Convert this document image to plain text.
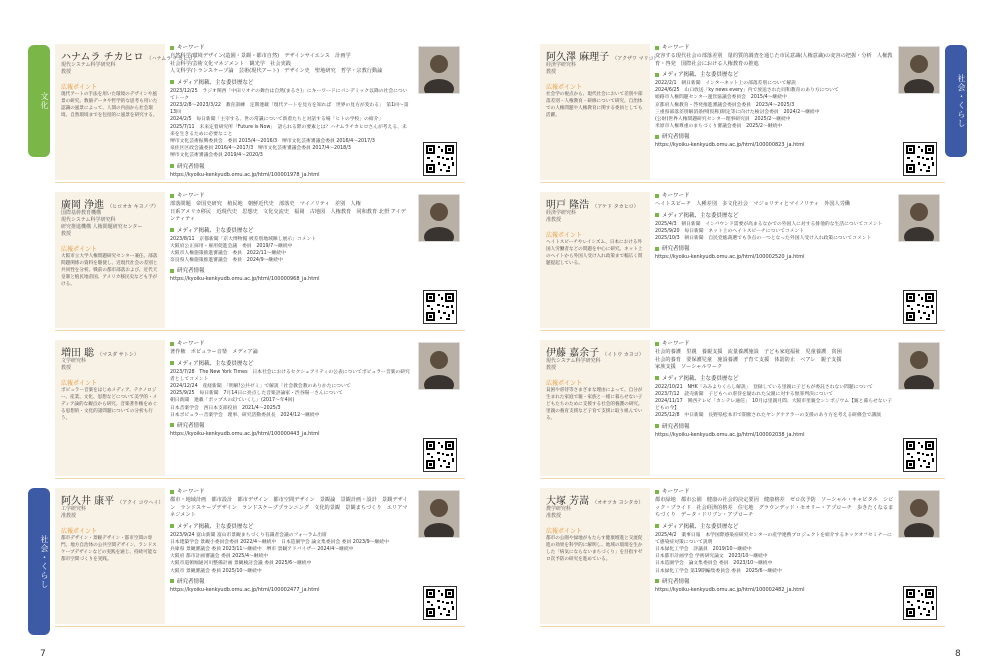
文化
社会・くらし
ハナムラ チカヒロ （ハナムラ チカヒロ）
現代システム科学研究科
教授
広報ポイント
現代アートの手法を用いた環境のデザインや風景の研究。数値データや哲学的な思考も用いた認識の風景によって、人間の内面から社会環境、自然環境までを包括的に風景を研究する。
キーワード
自然科学/環境デザイン(造園・景観・都市自然)　デザインサイエンス　計画学
社会科学/芸術文化マネジメント　観光学　社会実践
人文科学/トランスケープ論　芸術(現代アート)　デザイン史　聖地研究　哲学・宗教行動論
メディア掲載、主な委員歴など
2023/12/25　ラジオ関西「中田リオナの舞台は自然(まるさ)」にキーワードにパンデミック以降の社会についてトーク
2023/2/8～2023/3/22　教育訓練　定期連載「現代アートを見方を知れば　世界の見方が変わる」　第1回～第13回
2024/2/5　毎日新聞「主宰する、世の常識について新着たちと対話する場「ヒトの学校」の紹介」
2025/7/11　未来定着研究所「Future is Now」　語られる際の要素とは？ハナムラチカヒロさんが考える、未来を生きるために必要なこと
堺市文化芸術振興委員会　委員 2015/4～2016/3　堺市文化芸術審議会委員 2016/4～2017/3
泉佐区区政会議委員 2016/4～2017/3　堺市文化芸術審議会委員 2017/4～2018/3
堺市文化芸術審議会委員 2019/4～2020/3
研究者情報
https://kyoiku-kenkyudb.omu.ac.jp/html/100001978_ja.html
廣岡 浄進 （ヒロオカ キヨノブ）
国際基幹教育機構
現代システム科学研究科
研究推進機構 人権問題研究センター
教授
広報ポイント
大阪市立大学人権問題研究センター兼任。部落問題関係の資料を駆使し、近現代社会の差別と共同性を分析。戦前の都市部落および、近代天皇制と植民地帝国、アメリカ移民史なども手がける。
キーワード
部落問題　帝国史研究　植民地　朝鮮近代史　部落史　マイノリティ　差別　人権
日系アメリカ移民　近現代史　思想史　文化交流史　福岡　古地図　人権教育　同和教育 北摂 アイデンティティ
メディア掲載、主な委員歴など
2023/8/11　京都新聞「京大博物館 被差別地域陳し展示」コメント
大阪府公正採用・雇用促進会議　委員　2019/7～継続中
大阪市人権施策推進審議会　委員　2022/11～継続中
奈良県人権施策推進審議会　委員　2024/9～継続中
研究者情報
https://kyoiku-kenkyudb.omu.ac.jp/html/100000968_ja.html
増田 聡 （マスダ サトシ）
文学研究科
教授
広報ポイント
ポピュラー音楽をはじめメディア、テクノロジー、産業、文化、思想などについて美学的・メディア論的な観点から研究。音楽著作権をめぐる思想的・文化的諸問題についての分析も行う。
キーワード
著作権　ポピュラー音楽　メディア論
メディア掲載、主な委員歴など
2023/7/28　The New York Times　日本社会におけるセクシュアリティの公表についてポピュラー音楽の研究者としてコメント
2024/12/24　産経新聞　「明解!公共ゼミ」で解説「社会教会教のありかたについて
2025/9/25　毎日新聞　7月14日に亮点した音楽評論家・渋谷陽一さんについて
朝日新聞　連載「ポップスの幻ていくし」(2017～年4回)
日本音楽学会　西日本支部役員　2021/4～2025/3
日本ポピュラー音楽学会　理事、研究活動委員長　2024/12～継続中
研究者情報
https://kyoiku-kenkyudb.omu.ac.jp/html/100000443_ja.html
阿久井 康平 （アクイ コウヘイ）
工学研究科
准教授
広報ポイント
都市デザイン・景観デザイン・都市空間の専門。地方自治体の公共空間デザイン、ランドスケープデザインなどの実践を通じ、持続可能な都市空間づくりを実践。
キーワード
都市・地域計画　都市設計　都市デザイン　都市空間デザイン　景観論　景観計画・設計　景観デザイン　ランドスケープデザイン　ランドスケーププランニング　文化的景観　景観まちづくり　エリアマネジメント
メディア掲載、主な委員歴など
2023/9/24 富山新聞 富山市景観まちづくり有識者会議のフォーラム出席
日本建築学会 景観小委員会委員 2022/4～継続中　日本造園学会 論文集委員会 委員 2023/9～継続中
兵庫県 景観審議会 委員 2023/11～継続中　堺市 景観アドバイザー 2024/4～継続中
大阪府 都市計画審議会 委員 2025/4～継続中
大阪市道頓堀通河川整備計画 景観検討会議 委員 2025/6～継続中
大阪市 景観審議会 委員 2025/10～継続中
研究者情報
https://kyoiku-kenkyudb.omu.ac.jp/html/100002477_ja.html
7
社会・くらし
阿久澤 麻理子 （アクザワ マリコ）
経済学研究科
教授
広報ポイント
社会学の視点から、現代社会において差別や部落差別・人権教育・研修について研究。自治体での人権問題や人権教育に関する委員としても活躍。
キーワード
変容する現代社会の部落差別　量的質的調査を通じた市民意識(人権意識)の変容の把握・分析　人権教育・啓発　国際社会における人権教育の推進
メディア掲載、主な委員歴など
2022/2/1　朝日新聞　インターネット上の部落差別について解説
2024/6/25　山口放送「ky news every」内で放送された同和教育のあり方について
姫路市人権問題センター運営協議会委員会　2015/4～継続中
京都府人権教育・啓発推進審議会委員会委員　2023/4～2025/3
三重県部落差別解消条例(仮称)制定等に向けた検討会委員　2024/2～継続中
(公財)世界人権問題研究センター理事研究員　2025/2～継続中
米原市人権尊重のまちづくり審議会委員　2025/2～継続中
研究者情報
https://kyoiku-kenkyudb.omu.ac.jp/html/100000823_ja.html
明戸 隆浩 （アケド タカヒロ）
経済学研究科
准教授
広報ポイント
ヘイトスピーチやレイシズム、日本における外国人労働者などの問題を中心に研究。ネット上のヘイトから外国人受け入れ政策まで幅広く問題提起している。
キーワード
ヘイトスピーチ　人種差別　多文化社会　マジョリティとマイノリティ　外国人労働
メディア掲載、主な委員歴など
2025/4/3　朝日新聞　インバウンド需要が高まるなかでの外国人に対する排他的な生活についてコメント
2025/9/20　毎日新聞　ネット上のヘイトスピーチについてコメント
2025/10/3　朝日新聞　自民党総裁選でも争点の一つとなった外国人受け入れ政策についてコメント
研究者情報
https://kyoiku-kenkyudb.omu.ac.jp/html/100002520_ja.html
伊藤 嘉余子 （イトウ カヨコ）
現代システム科学研究科
教授
広報ポイント
貧困や虐待等さまざまな理由によって、自分が生まれた家庭で親・家族と一緒に暮らせない子どもたちのために支援する社会的養護の研究。里親の養育支援など子育て支援に取り組んでいる。
キーワード
社会的養護　里親　養親支援　流量養護施設　子ども家庭福祉　児童養護　貧困
社会的養育　要保護児童　施設養護　子育て支援　体罰防止　ベアレ　親子支援
家族支援　ソーシャルワーク
メディア掲載、主な委員歴など
2022/10/21　NHK「みみよりくらし解説」　登録している里親に子どもが委託されない問題について
2023/7/12　読売新聞　子どもへの虐待を疑われた父親に対する無罪判決について
2024/11/17　関西テレビ「カンテレ通信」　10月は里親月間、大阪市里親全シンポジウム【親と暮らせない子どもの今】
2025/12/8　中日新聞　長野県松本市で開催されたヤングケアラーの支援のあり方を考える研修会で講演
研究者情報
https://kyoiku-kenkyudb.omu.ac.jp/html/100002038_ja.html
大塚 芳嵩 （オオツカ ヨシタカ）
農学研究科
准教授
広報ポイント
都市の公園や緑地がもたらす健康増進と交流促進の効果を科学的に解明し、地域の環境を生かした「病気にならないまちづくり」を目指すゼロ次予防の研究を進めている。
キーワード
都市緑地　都市公園　健康の社会的決定要因　健康格差　ゼロ次予防　ソーシャル・キャピタル　シビック・プライド　社会経済的格差　住宅地　グラウンデッド・セオリー・アプローチ　歩きたくなるまちづくり　データ・ドリブン・アプローチ
メディア掲載、主な委員歴など
2025/4/2　薬事日報　本学国際感染症研究センターの産学連携プロジェクトを紹介するキックオフセミナーにて感染症対策について説明
日本緑化工学会　評議員　2019/10～継続中
日本都市計画学会 学術研究論文　2023/10～継続中
日本造園学会　論文集委員会 委員　2023/10～継続中
日本緑化工学会 第19期編集委員会 委員　2025/6～継続中
研究者情報
https://kyoiku-kenkyudb.omu.ac.jp/html/100002482_ja.html
8
